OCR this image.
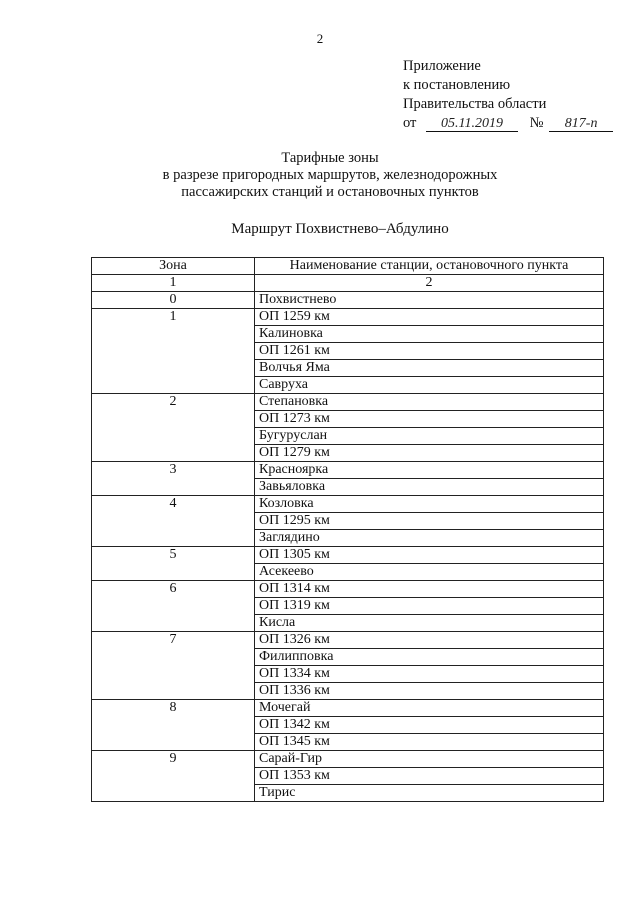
2
Приложение
к постановлению
Правительства области
от 05.11.2019 № 817-п
Тарифные зоны
в разрезе пригородных маршрутов, железнодорожных
пассажирских станций и остановочных пунктов
Маршрут Похвистнево–Абдулино
Зона	Наименование станции, остановочного пункта
1	2
0	Похвистнево
1	ОП 1259 км
	Калиновка
	ОП 1261 км
	Волчья Яма
	Савруха
2	Степановка
	ОП 1273 км
	Бугуруслан
	ОП 1279 км
3	Красноярка
	Завьяловка
4	Козловка
	ОП 1295 км
	Заглядино
5	ОП 1305 км
	Асекеево
6	ОП 1314 км
	ОП 1319 км
	Кисла
7	ОП 1326 км
	Филипповка
	ОП 1334 км
	ОП 1336 км
8	Мочегай
	ОП 1342 км
	ОП 1345 км
9	Сарай-Гир
	ОП 1353 км
	Тирис
